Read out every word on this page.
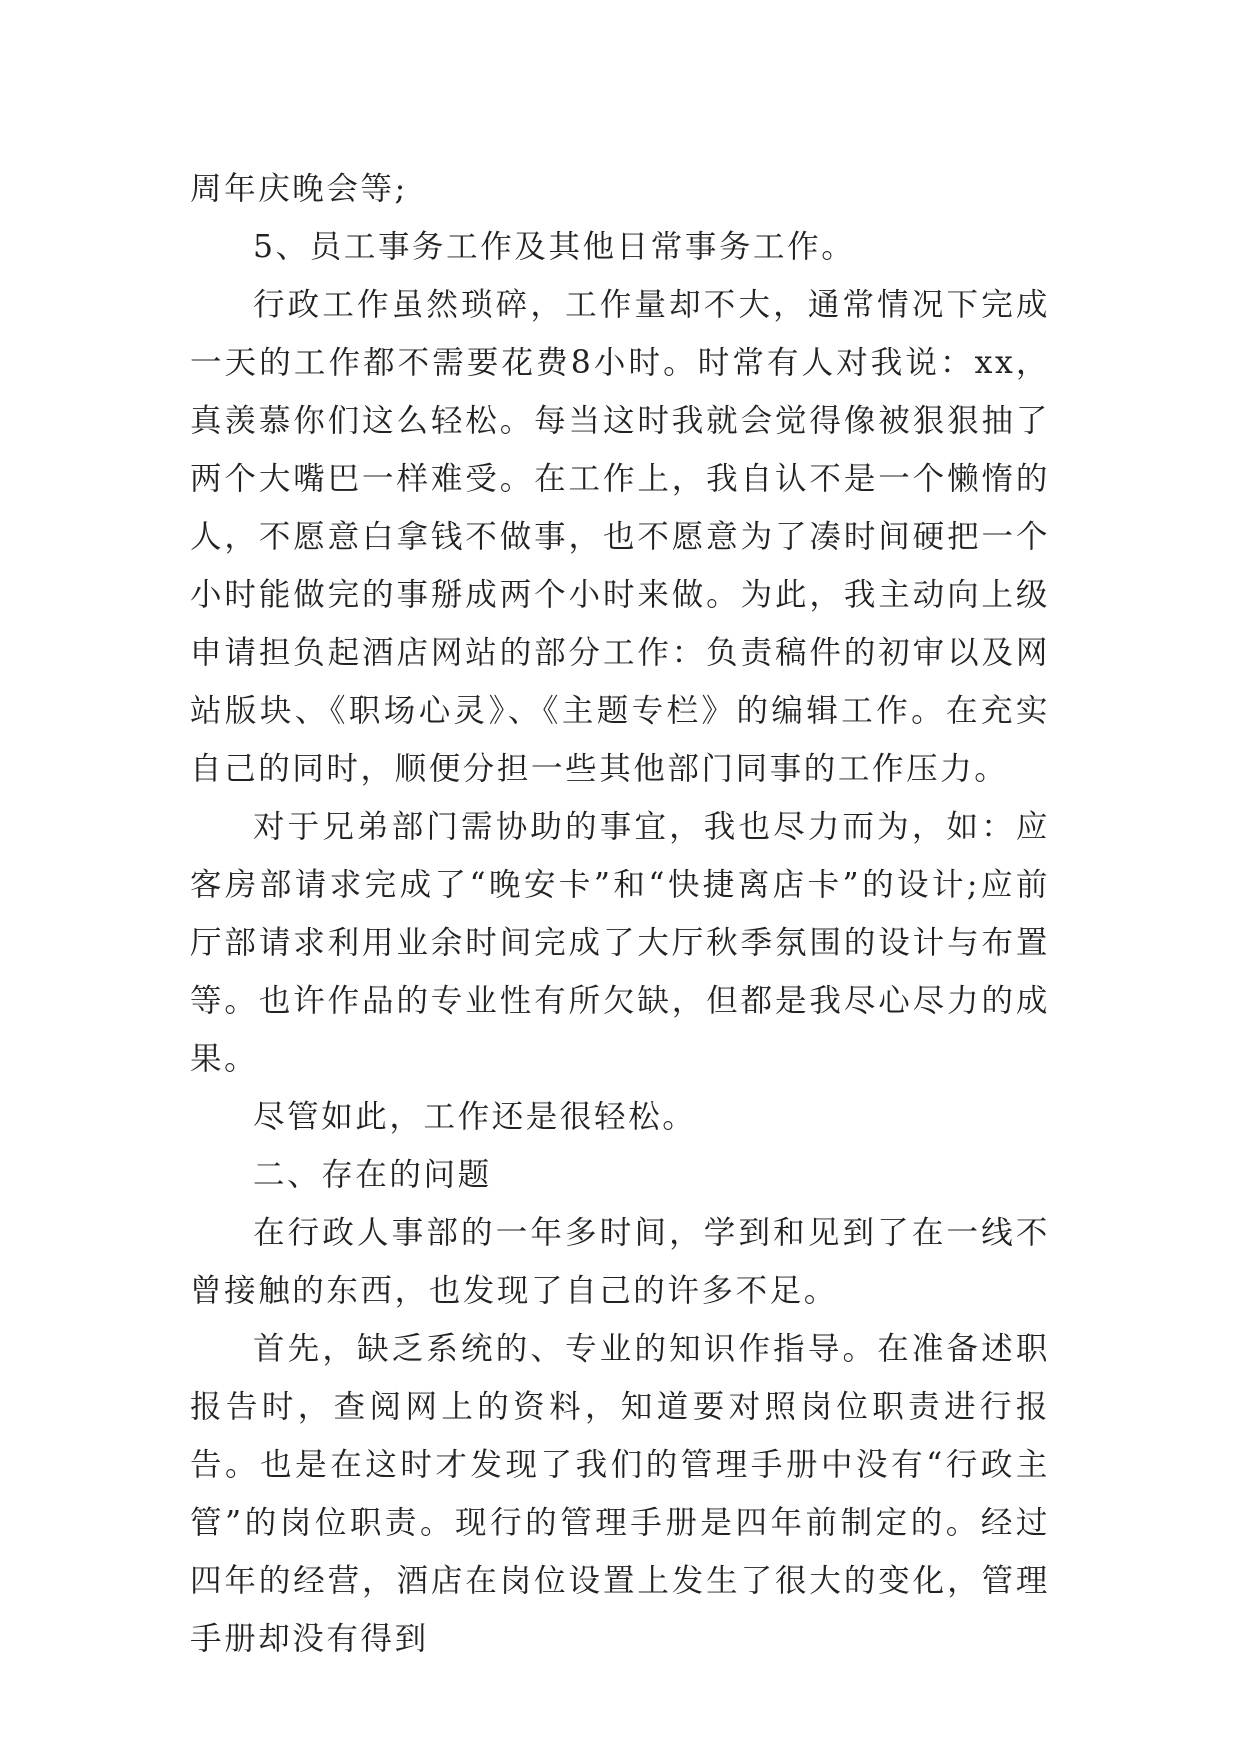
周年庆晚会等;

5、员工事务工作及其他日常事务工作。

行政工作虽然琐碎，工作量却不大，通常情况下完成一天的工作都不需要花费8小时。时常有人对我说：xx，真羡慕你们这么轻松。每当这时我就会觉得像被狠狠抽了两个大嘴巴一样难受。在工作上，我自认不是一个懒惰的人，不愿意白拿钱不做事，也不愿意为了凑时间硬把一个小时能做完的事掰成两个小时来做。为此，我主动向上级申请担负起酒店网站的部分工作：负责稿件的初审以及网站版块、《职场心灵》、《主题专栏》的编辑工作。在充实自己的同时，顺便分担一些其他部门同事的工作压力。

对于兄弟部门需协助的事宜，我也尽力而为，如：应客房部请求完成了“晚安卡”和“快捷离店卡”的设计;应前厅部请求利用业余时间完成了大厅秋季氛围的设计与布置等。也许作品的专业性有所欠缺，但都是我尽心尽力的成果。

尽管如此，工作还是很轻松。

二、存在的问题

在行政人事部的一年多时间，学到和见到了在一线不曾接触的东西，也发现了自己的许多不足。

首先，缺乏系统的、专业的知识作指导。在准备述职报告时，查阅网上的资料，知道要对照岗位职责进行报告。也是在这时才发现了我们的管理手册中没有“行政主管”的岗位职责。现行的管理手册是四年前制定的。经过四年的经营，酒店在岗位设置上发生了很大的变化，管理手册却没有得到
